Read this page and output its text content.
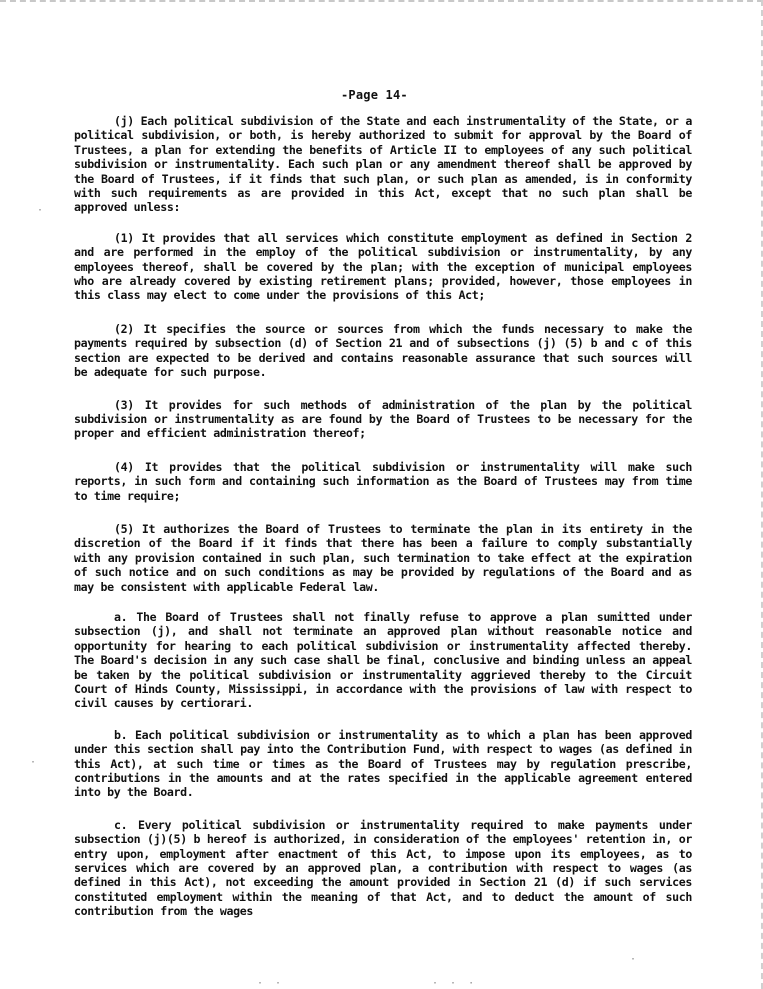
-Page 14-

(j) Each political subdivision of the State and each instrumentality of the State, or a political subdivision, or both, is hereby authorized to submit for approval by the Board of Trustees, a plan for extending the benefits of Article II to employees of any such political subdivision or instrumentality. Each such plan or any amendment thereof shall be approved by the Board of Trustees, if it finds that such plan, or such plan as amended, is in conformity with such requirements as are provided in this Act, except that no such plan shall be approved unless:

(1) It provides that all services which constitute employment as defined in Section 2 and are performed in the employ of the political subdivision or instrumentality, by any employees thereof, shall be covered by the plan; with the exception of municipal employees who are already covered by existing retirement plans; provided, however, those employees in this class may elect to come under the provisions of this Act;

(2) It specifies the source or sources from which the funds necessary to make the payments required by subsection (d) of Section 21 and of subsections (j) (5) b and c of this section are expected to be derived and contains reasonable assurance that such sources will be adequate for such purpose.

(3) It provides for such methods of administration of the plan by the political subdivision or instrumentality as are found by the Board of Trustees to be necessary for the proper and efficient administration thereof;

(4) It provides that the political subdivision or instrumentality will make such reports, in such form and containing such information as the Board of Trustees may from time to time require;

(5) It authorizes the Board of Trustees to terminate the plan in its entirety in the discretion of the Board if it finds that there has been a failure to comply substantially with any provision contained in such plan, such termination to take effect at the expiration of such notice and on such conditions as may be provided by regulations of the Board and as may be consistent with applicable Federal law.

a. The Board of Trustees shall not finally refuse to approve a plan sumitted under subsection (j), and shall not terminate an approved plan without reasonable notice and opportunity for hearing to each political subdivision or instrumentality affected thereby. The Board's decision in any such case shall be final, conclusive and binding unless an appeal be taken by the political subdivision or instrumentality aggrieved thereby to the Circuit Court of Hinds County, Mississippi, in accordance with the provisions of law with respect to civil causes by certiorari.

b. Each political subdivision or instrumentality as to which a plan has been approved under this section shall pay into the Contribution Fund, with respect to wages (as defined in this Act), at such time or times as the Board of Trustees may by regulation prescribe, contributions in the amounts and at the rates specified in the applicable agreement entered into by the Board.

c. Every political subdivision or instrumentality required to make payments under subsection (j)(5) b hereof is authorized, in consideration of the employees' retention in, or entry upon, employment after enactment of this Act, to impose upon its employees, as to services which are covered by an approved plan, a contribution with respect to wages (as defined in this Act), not exceeding the amount provided in Section 21 (d) if such services constituted employment within the meaning of that Act, and to deduct the amount of such contribution from the wages

·
·
·
· ·	· · ·
